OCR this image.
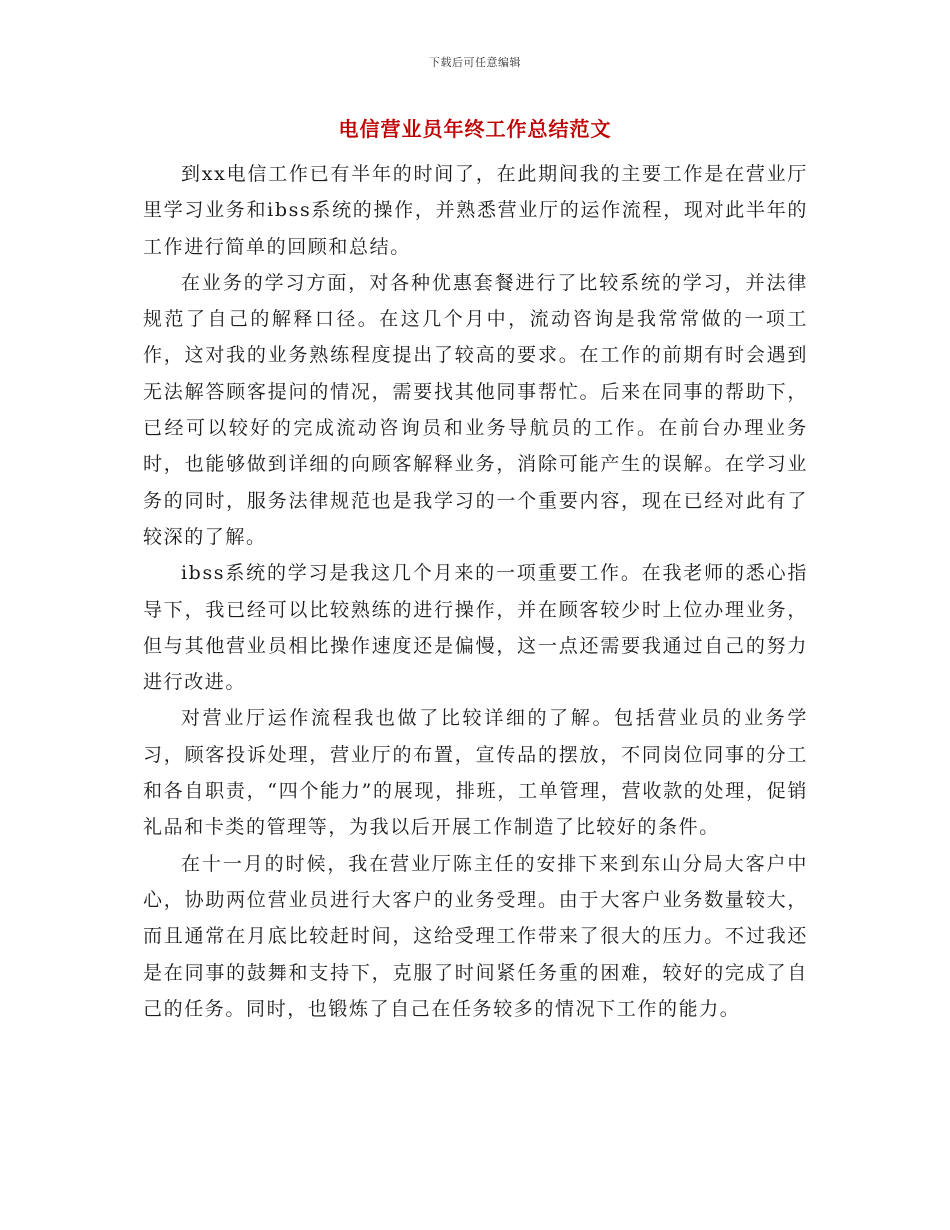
下载后可任意编辑
电信营业员年终工作总结范文

到xx电信工作已有半年的时间了，在此期间我的主要工作是在营业厅里学习业务和ibss系统的操作，并熟悉营业厅的运作流程，现对此半年的工作进行简单的回顾和总结。

在业务的学习方面，对各种优惠套餐进行了比较系统的学习，并法律规范了自己的解释口径。在这几个月中，流动咨询是我常常做的一项工作，这对我的业务熟练程度提出了较高的要求。在工作的前期有时会遇到无法解答顾客提问的情况，需要找其他同事帮忙。后来在同事的帮助下，已经可以较好的完成流动咨询员和业务导航员的工作。在前台办理业务时，也能够做到详细的向顾客解释业务，消除可能产生的误解。在学习业务的同时，服务法律规范也是我学习的一个重要内容，现在已经对此有了较深的了解。

ibss系统的学习是我这几个月来的一项重要工作。在我老师的悉心指导下，我已经可以比较熟练的进行操作，并在顾客较少时上位办理业务，但与其他营业员相比操作速度还是偏慢，这一点还需要我通过自己的努力进行改进。

对营业厅运作流程我也做了比较详细的了解。包括营业员的业务学习，顾客投诉处理，营业厅的布置，宣传品的摆放，不同岗位同事的分工和各自职责，“四个能力”的展现，排班，工单管理，营收款的处理，促销礼品和卡类的管理等，为我以后开展工作制造了比较好的条件。

在十一月的时候，我在营业厅陈主任的安排下来到东山分局大客户中心，协助两位营业员进行大客户的业务受理。由于大客户业务数量较大，而且通常在月底比较赶时间，这给受理工作带来了很大的压力。不过我还是在同事的鼓舞和支持下，克服了时间紧任务重的困难，较好的完成了自己的任务。同时，也锻炼了自己在任务较多的情况下工作的能力。
